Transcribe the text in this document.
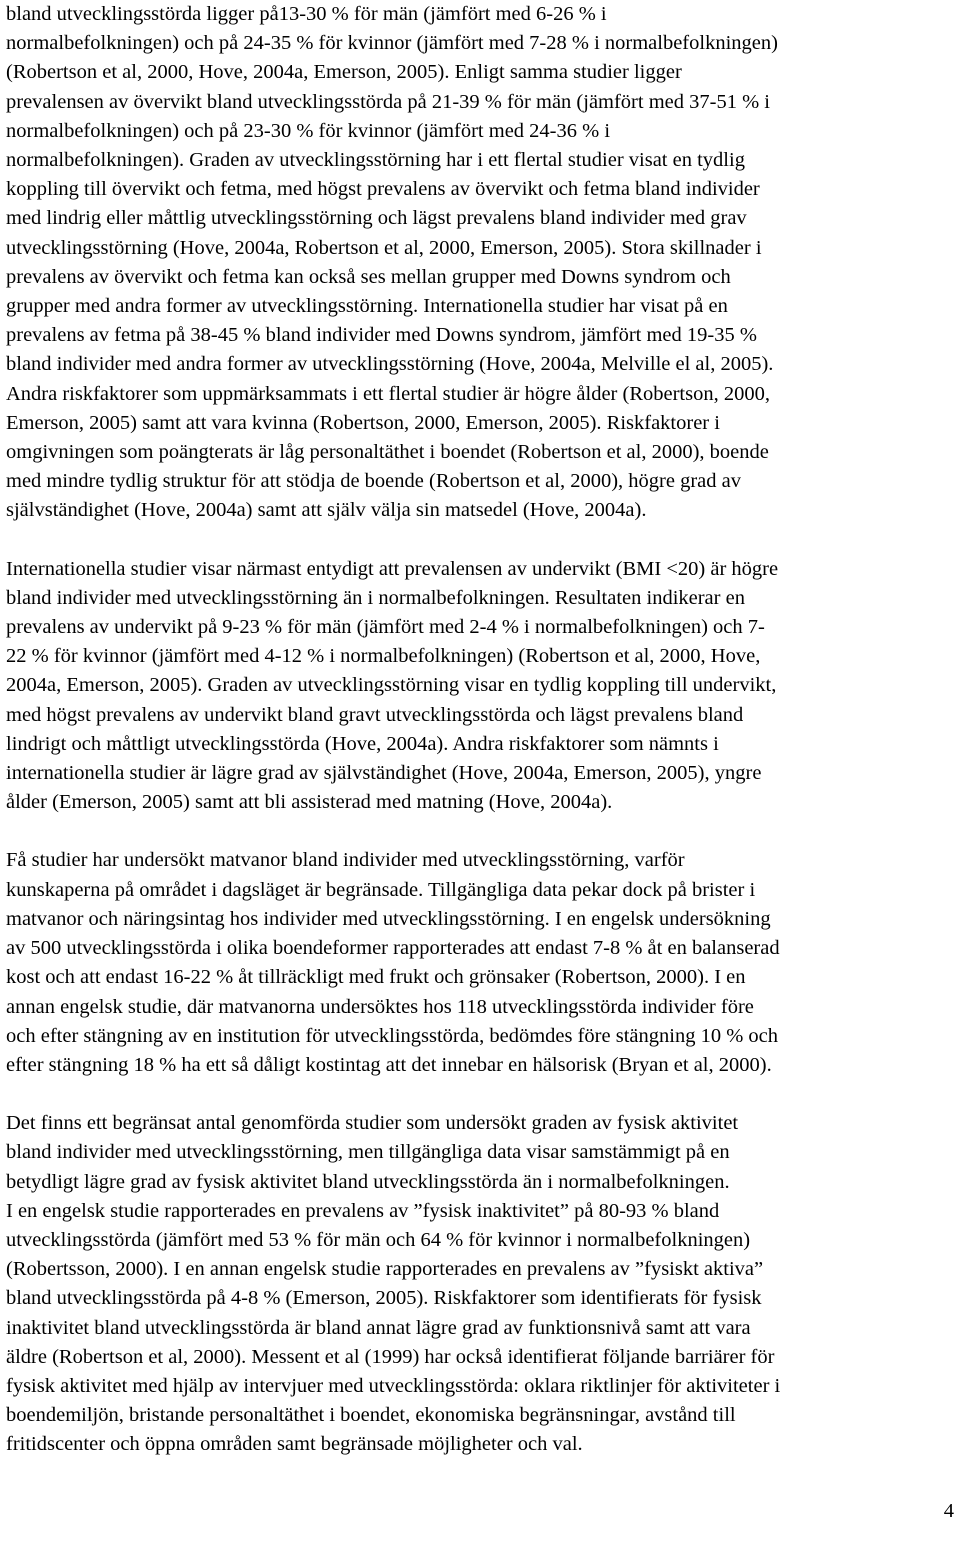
bland utvecklingsstörda ligger på13-30 % för män (jämfört med 6-26 % i
normalbefolkningen) och på 24-35 % för kvinnor (jämfört med 7-28 % i normalbefolkningen)
(Robertson et al, 2000, Hove, 2004a, Emerson, 2005). Enligt samma studier ligger
prevalensen av övervikt bland utvecklingsstörda på 21-39 % för män (jämfört med 37-51 % i
normalbefolkningen) och på 23-30 % för kvinnor (jämfört med 24-36 % i
normalbefolkningen). Graden av utvecklingsstörning har i ett flertal studier visat en tydlig
koppling till övervikt och fetma, med högst prevalens av övervikt och fetma bland individer
med lindrig eller måttlig utvecklingsstörning och lägst prevalens bland individer med grav
utvecklingsstörning (Hove, 2004a, Robertson et al, 2000, Emerson, 2005). Stora skillnader i
prevalens av övervikt och fetma kan också ses mellan grupper med Downs syndrom och
grupper med andra former av utvecklingsstörning. Internationella studier har visat på en
prevalens av fetma på 38-45 % bland individer med Downs syndrom, jämfört med 19-35 %
bland individer med andra former av utvecklingsstörning (Hove, 2004a, Melville el al, 2005).
Andra riskfaktorer som uppmärksammats i ett flertal studier är högre ålder (Robertson, 2000,
Emerson, 2005) samt att vara kvinna (Robertson, 2000, Emerson, 2005). Riskfaktorer i
omgivningen som poängterats är låg personaltäthet i boendet (Robertson et al, 2000), boende
med mindre tydlig struktur för att stödja de boende (Robertson et al, 2000), högre grad av
självständighet (Hove, 2004a) samt att själv välja sin matsedel (Hove, 2004a).

Internationella studier visar närmast entydigt att prevalensen av undervikt (BMI <20) är högre
bland individer med utvecklingsstörning än i normalbefolkningen. Resultaten indikerar en
prevalens av undervikt på 9-23 % för män (jämfört med 2-4 % i normalbefolkningen) och 7-
22 % för kvinnor (jämfört med 4-12 % i normalbefolkningen) (Robertson et al, 2000, Hove,
2004a, Emerson, 2005). Graden av utvecklingsstörning visar en tydlig koppling till undervikt,
med högst prevalens av undervikt bland gravt utvecklingsstörda och lägst prevalens bland
lindrigt och måttligt utvecklingsstörda (Hove, 2004a). Andra riskfaktorer som nämnts i
internationella studier är lägre grad av självständighet (Hove, 2004a, Emerson, 2005), yngre
ålder (Emerson, 2005) samt att bli assisterad med matning (Hove, 2004a).

Få studier har undersökt matvanor bland individer med utvecklingsstörning, varför
kunskaperna på området i dagsläget är begränsade. Tillgängliga data pekar dock på brister i
matvanor och näringsintag hos individer med utvecklingsstörning. I en engelsk undersökning
av 500 utvecklingsstörda i olika boendeformer rapporterades att endast 7-8 % åt en balanserad
kost och att endast 16-22 % åt tillräckligt med frukt och grönsaker (Robertson, 2000). I en
annan engelsk studie, där matvanorna undersöktes hos 118 utvecklingsstörda individer före
och efter stängning av en institution för utvecklingsstörda, bedömdes före stängning 10 % och
efter stängning 18 % ha ett så dåligt kostintag att det innebar en hälsorisk (Bryan et al, 2000).

Det finns ett begränsat antal genomförda studier som undersökt graden av fysisk aktivitet
bland individer med utvecklingsstörning, men tillgängliga data visar samstämmigt på en
betydligt lägre grad av fysisk aktivitet bland utvecklingsstörda än i normalbefolkningen.
I en engelsk studie rapporterades en prevalens av ”fysisk inaktivitet” på 80-93 % bland
utvecklingsstörda (jämfört med 53 % för män och 64 % för kvinnor i normalbefolkningen)
(Robertsson, 2000). I en annan engelsk studie rapporterades en prevalens av ”fysiskt aktiva”
bland utvecklingsstörda på 4-8 % (Emerson, 2005). Riskfaktorer som identifierats för fysisk
inaktivitet bland utvecklingsstörda är bland annat lägre grad av funktionsnivå samt att vara
äldre (Robertson et al, 2000). Messent et al (1999) har också identifierat följande barriärer för
fysisk aktivitet med hjälp av intervjuer med utvecklingsstörda: oklara riktlinjer för aktiviteter i
boendemiljön, bristande personaltäthet i boendet, ekonomiska begränsningar, avstånd till
fritidscenter och öppna områden samt begränsade möjligheter och val.

4
